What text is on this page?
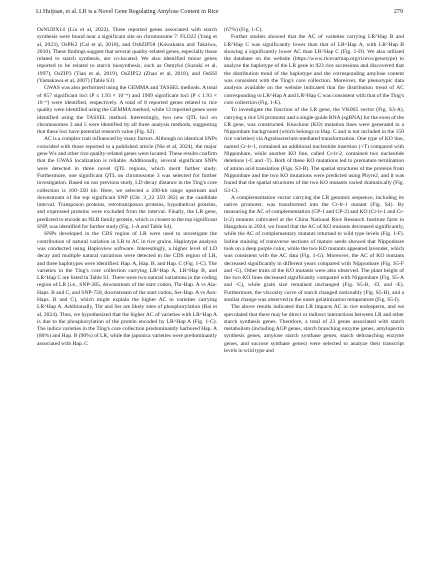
Li Huijuan, et al. LR is a Novel Gene Regulating Amylose Content in Rice	279

OsNUDX14 (Liu et al, 2022). Three reported genes associated with starch synthesis were found near a significant site on chromosome 7: FLO22 (Yang et al, 2023), OsPK2 (Cai et al, 2018), and OsbZIP58 (Kawakatsu and Takaiwa, 2010). These findings suggest that several quality-related genes, especially those related to starch synthesis, are co-located. We also identified minor genes reported to be related to starch biosynthesis, such as Osmyb4 (Suzuki et al, 1997), OsZIP3 (Tian et al, 2019), OsZIP52 (Zhao et al, 2018), and OsSSI (Yamakawa et al, 2007) (Table S3).

GWAS was also performed using the GEMMA and TASSEL methods. A total of 857 significant loci (P ≤ 1.93 × 10⁻⁶) and 1969 significant loci (P ≤ 1.93 × 10⁻⁶) were identified, respectively. A total of 8 reported genes related to rice quality were identified using the GEMMA method, while 12 reported genes were identified using the TASSEL method. Interestingly, two new QTL loci on chromosomes 3 and 5 were identified by all three analysis methods, suggesting that these loci have potential research value (Fig. S2).

AC is a complex trait influenced by many factors. Although no identical SNPs coincided with those reported in a published article (Nie et al, 2024), the major gene Wx and other rice quality-related genes were located. These results confirm that the GWAS localization is reliable. Additionally, several significant SNPs were detected in three novel QTL regions, which merit further study. Furthermore, one significant QTL on chromosome 3 was selected for further investigation. Based on our previous study, LD decay distance in the Ting's core collection is 100–350 kb. Here, we selected a 200-kb range upstream and downstream of the top significant SNP (Chr. 3_22 359 382) as the candidate interval. Transposon proteins, retrotransposon proteins, hypothetical proteins, and expressed proteins were excluded from the interval. Finally, the LR gene, predicted to encode an NLR family protein, which is closest to the top significant SNP, was identified for further study (Fig. 1-A and Table S4).

SNPs developed in the CDS region of LR were used to investigate the contribution of natural variation in LR to AC in rice grains. Haplotype analysis was conducted using Haploview software. Interestingly, a higher level of LD decay and multiple natural variations were detected in the CDS region of LR, and three haplotypes were identified: Hap. A, Hap. B, and Hap. C (Fig. 1-C). The varieties in the Ting's core collection carrying LR^Hap A, LR^Hap B, and LR^Hap C are listed in Table S1. There were two natural variations in the coding region of LR (i.e., SNP-385, downstream of the start codon, Thr-Hap. A vs Ala-Haps. B and C, and SNP-758, downstream of the start codon, Ser-Hap. A vs Asn-Haps. B and C), which might explain the higher AC in varieties carrying LR^Hap A. Additionally, Thr and Ser are likely sites of phosphorylation (Bai et al, 2024). Thus, we hypothesized that the higher AC of varieties with LR^Hap A is due to the phosphorylation of the protein encoded by LR^Hap A (Fig. 1-C). The indica varieties in the Ting's core collection predominantly harbored Hap. A (80%) and Hap. B (90%) of LR, while the japonica varieties were predominantly associated with Hap. C

(67%) (Fig. 1-C).

Further studies showed that the AC of varieties carrying LR^Hap B and LR^Hap C was significantly lower than that of LR^Hap A, with LR^Hap B showing a significantly lower AC than LR^Hap C (Fig. 1-D). We also utilized the database on the website (https://www.ricevarmap.org/ricevo/genotype) to analyze the haplotype of the LR gene in 923 rice accessions and discovered that the distribution trend of the haplotype and the corresponding amylose content was consistent with the Ting's core collection. Moreover, the phenotypic data analysis available on the website indicated that the distribution trend of AC corresponding to LR^Hap A and LR^Hap C was consistent with that of the Ting's core collection (Fig. 1-E).

To investigate the function of the LR gene, the VK005 vector (Fig. S3-A), carrying a rice U6 promoter and a single-guide RNA (sgRNA) for the exon of the LR gene, was constructed. Knockout (KO) mutation lines were generated in a Nipponbare background (which belongs to Hap. C and is not included in the 150 rice varieties) via Agrobacterium-mediated transformation. One type of KO line, named Cr-lr-1, contained an additional nucleotide insertion (+T) compared with Nipponbare, while another KO line, called Cr-lr-2, contained two nucleotide deletions (-C and -T). Both of these KO mutations led to premature termination of amino acid translation (Figs. S3-B). The spatial structures of the proteins from Nipponbare and the two KO mutations were predicted using Phyre2, and it was found that the spatial structures of the two KO mutants varied dramatically (Fig. S3-C).

A complementation vector carrying the LR genomic sequence, including its native promoter, was transformed into the Cr-lr-1 mutant (Fig. S4). By measuring the AC of complementation (CP-1 and CP-2) and KO (Cr-lr-1 and Cr-lr-2) mutants cultivated at the China National Rice Research Institute farm in Hangzhou in 2024, we found that the AC of KO mutants decreased significantly, while the AC of complementary mutants returned to wild type levels (Fig. 1-F). Iodine staining of transverse sections of mature seeds showed that Nipponbare took on a deep purple color, while the two KO mutants appeared lavender, which was consistent with the AC data (Fig. 1-G). Moreover, the AC of KO mutants decreased significantly in different years compared with Nipponbare (Fig. S5-F and -G). Other traits of the KO mutants were also observed. The plant height of the two KO lines decreased significantly compared with Nipponbare (Fig. S5-A and -C), while grain size remained unchanged (Fig. S5-B, -D, and -E). Furthermore, the viscosity curve of starch changed noticeably (Fig. S5-H), and a similar change was observed in the onset gelatinization temperature (Fig. S5-I).

The above results indicated that LR impacts AC in rice endosperm, and we speculated that there may be direct or indirect interactions between LR and other starch synthesis genes. Therefore, a total of 23 genes associated with starch metabolism (including AGP genes, starch branching enzyme genes, amylopectin synthesis genes, amylose starch synthase genes, starch debranching enzyme genes, and sucrose synthase genes) were selected to analyze their transcript levels in wild type and
